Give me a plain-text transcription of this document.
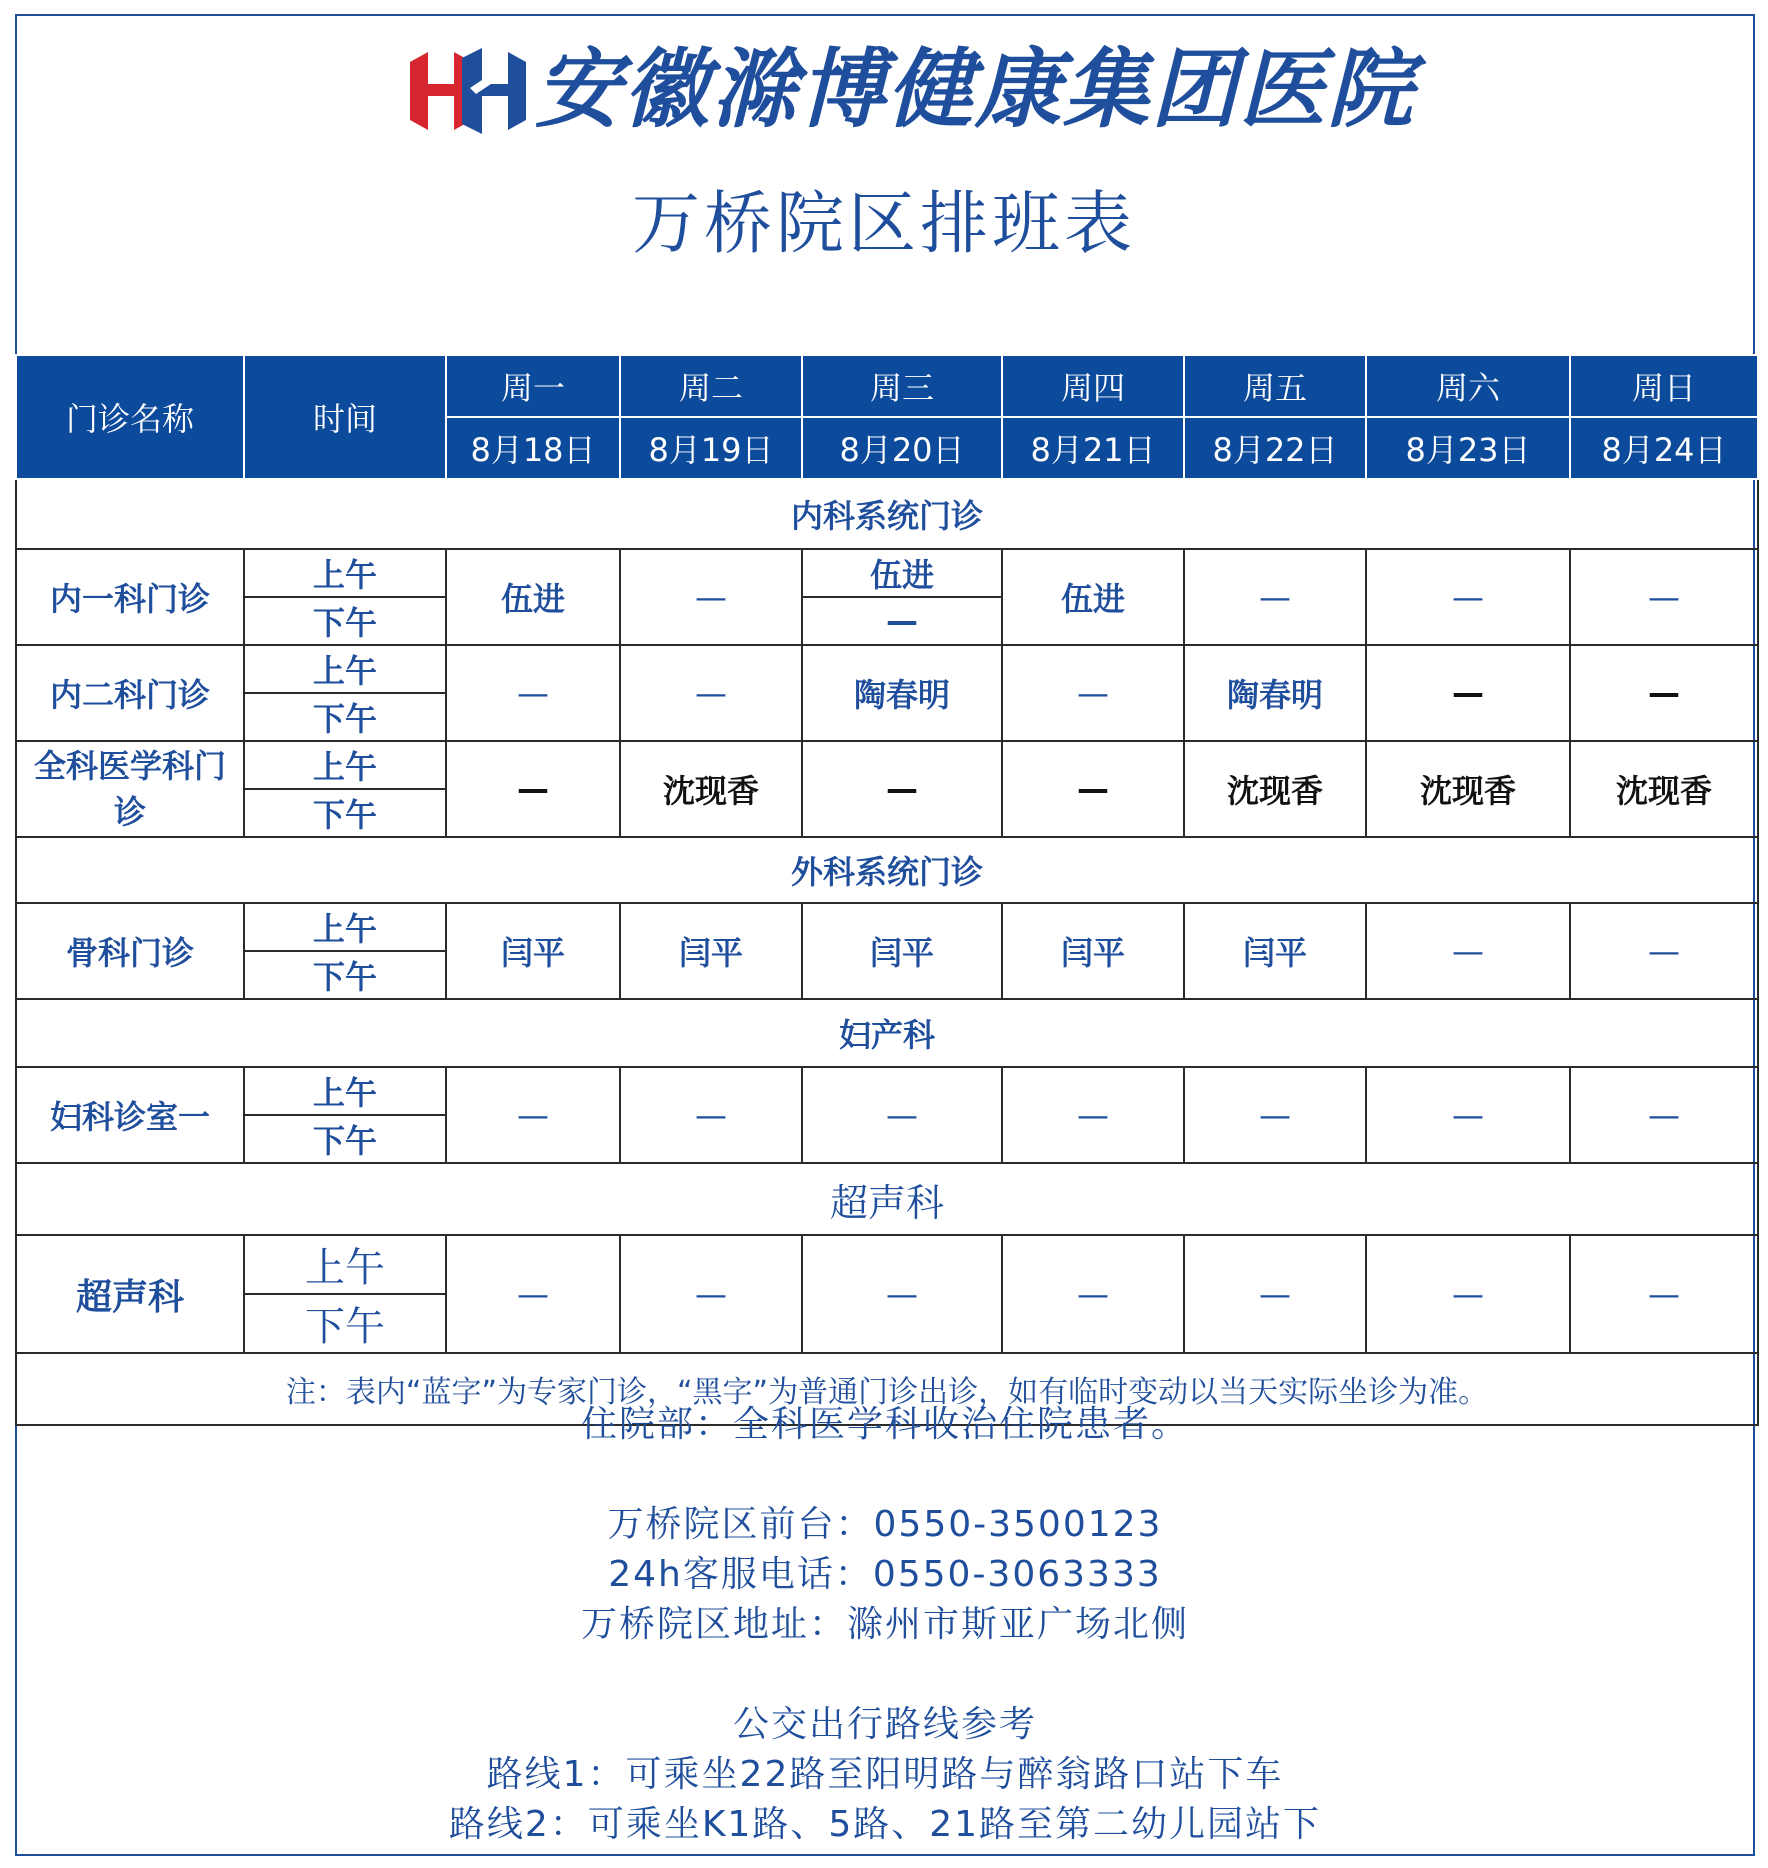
安徽滁博健康集团医院
万桥院区排班表
门诊名称	时间	周一	周二	周三	周四	周五	周六	周日
		8月18日	8月19日	8月20日	8月21日	8月22日	8月23日	8月24日
内科系统门诊								
内一科门诊	上午	伍进	—	伍进	伍进	—	—	—
	下午			—				
内二科门诊	上午	—	—	陶春明	—	陶春明	—	—
	下午							
全科医学科门诊	上午	—	沈现香	—	—	沈现香	沈现香	沈现香
	下午							
外科系统门诊								
骨科门诊	上午	闫平	闫平	闫平	闫平	闫平	—	—
	下午							
妇产科								
妇科诊室一	上午	—	—	—	—	—	—	—
	下午							
超声科								
超声科	上午	—	—	—	—	—	—	—
	下午							
注：表内“蓝字”为专家门诊，“黑字”为普通门诊出诊，如有临时变动以当天实际坐诊为准。								
住院部：全科医学科收治住院患者。
万桥院区前台：0550-3500123
24h客服电话：0550-3063333
万桥院区地址：滁州市斯亚广场北侧
公交出行路线参考
路线1：可乘坐22路至阳明路与醉翁路口站下车
路线2：可乘坐K1路、5路、21路至第二幼儿园站下
